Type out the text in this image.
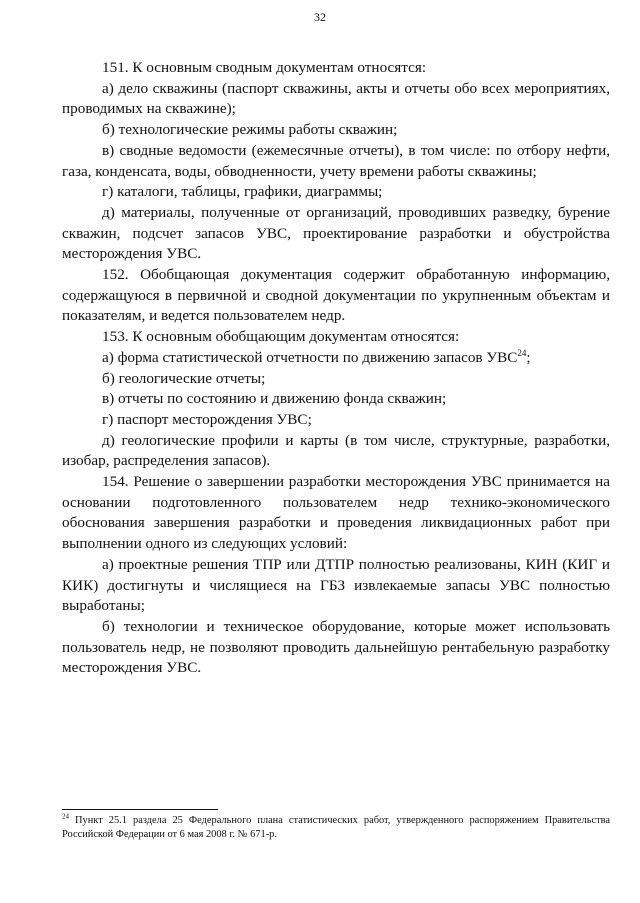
32

151. К основным сводным документам относятся:

а) дело скважины (паспорт скважины, акты и отчеты обо всех мероприятиях, проводимых на скважине);

б) технологические режимы работы скважин;

в) сводные ведомости (ежемесячные отчеты), в том числе: по отбору нефти, газа, конденсата, воды, обводненности, учету времени работы скважины;

г) каталоги, таблицы, графики, диаграммы;

д) материалы, полученные от организаций, проводивших разведку, бурение скважин, подсчет запасов УВС, проектирование разработки и обустройства месторождения УВС.

152. Обобщающая документация содержит обработанную информацию, содержащуюся в первичной и сводной документации по укрупненным объектам и показателям, и ведется пользователем недр.

153. К основным обобщающим документам относятся:

а) форма статистической отчетности по движению запасов УВС$^{24}$;

б) геологические отчеты;

в) отчеты по состоянию и движению фонда скважин;

г) паспорт месторождения УВС;

д) геологические профили и карты (в том числе, структурные, разработки, изобар, распределения запасов).

154. Решение о завершении разработки месторождения УВС принимается на основании подготовленного пользователем недр технико-экономического обоснования завершения разработки и проведения ликвидационных работ при выполнении одного из следующих условий:

а) проектные решения ТПР или ДТПР полностью реализованы, КИН (КИГ и КИК) достигнуты и числящиеся на ГБЗ извлекаемые запасы УВС полностью выработаны;

б) технологии и техническое оборудование, которые может использовать пользователь недр, не позволяют проводить дальнейшую рентабельную разработку месторождения УВС.

$^{24}$ Пункт 25.1 раздела 25 Федерального плана статистических работ, утвержденного распоряжением Правительства Российской Федерации от 6 мая 2008 г. № 671-р.
